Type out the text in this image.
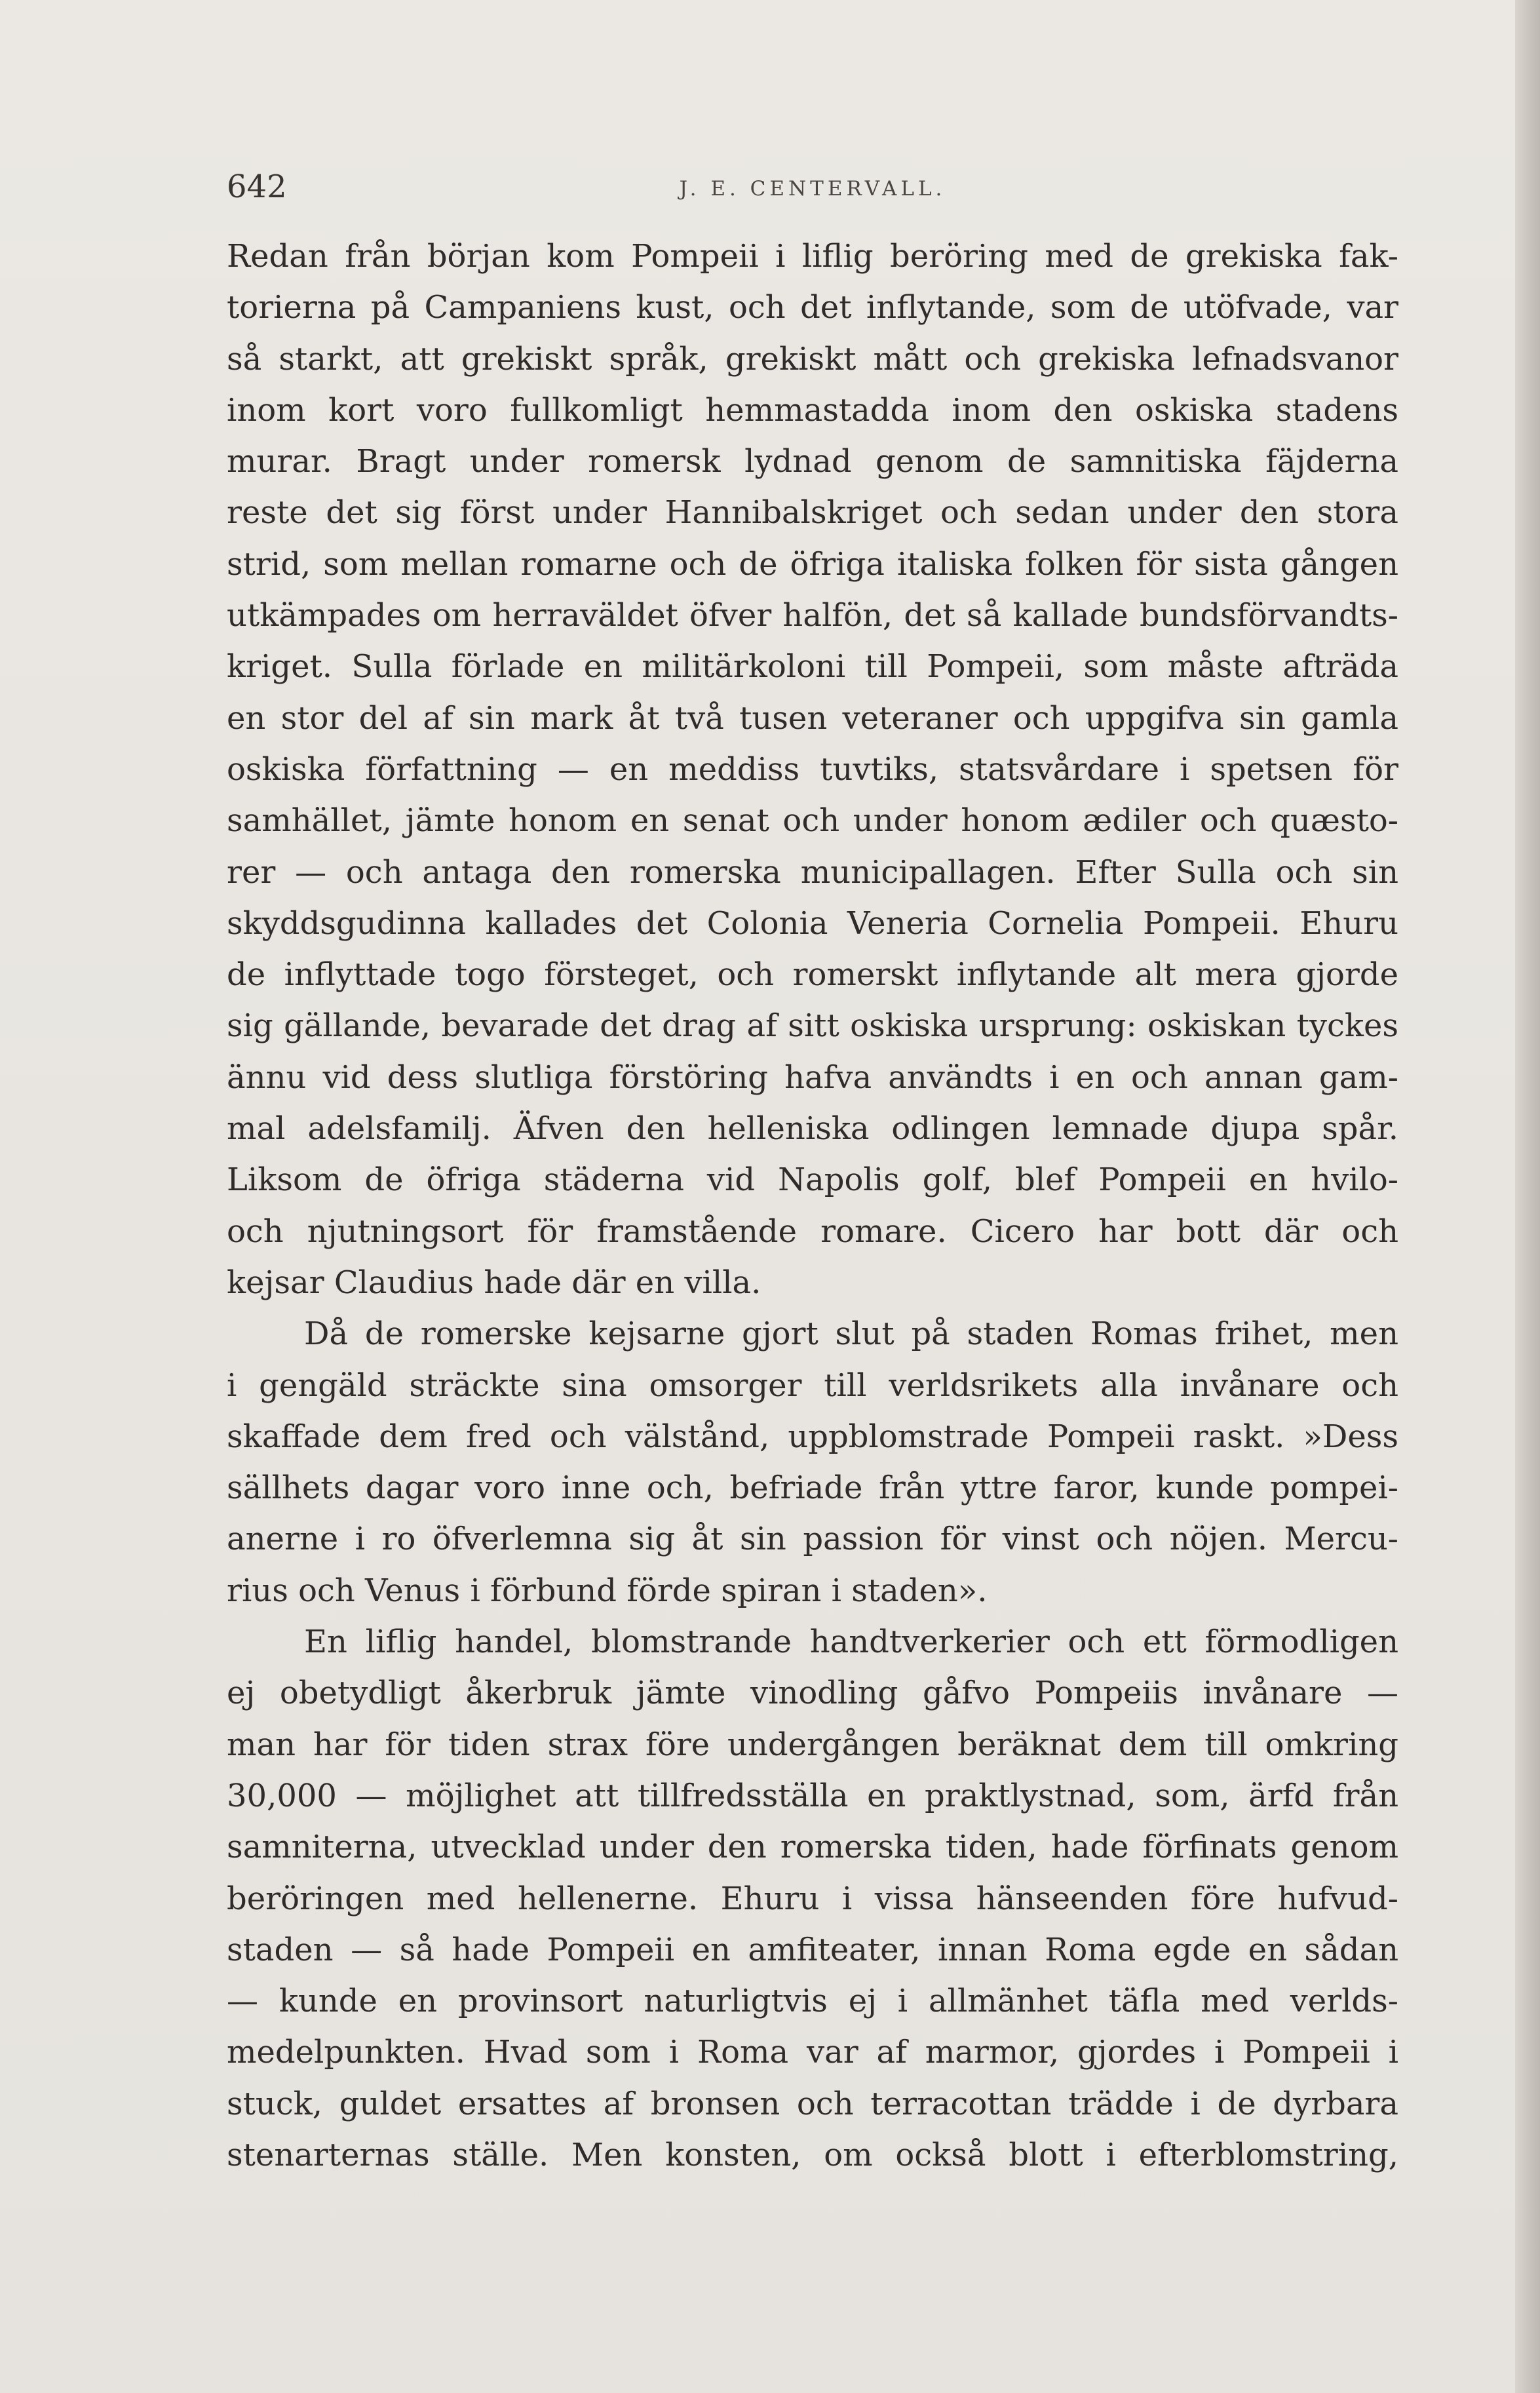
642	J. E. CENTERVALL.
Redan från början kom Pompeii i liflig beröring med de grekiska fak-
torierna på Campaniens kust, och det inflytande, som de utöfvade, var
så starkt, att grekiskt språk, grekiskt mått och grekiska lefnadsvanor
inom kort voro fullkomligt hemmastadda inom den oskiska stadens
murar. Bragt under romersk lydnad genom de samnitiska fäjderna
reste det sig först under Hannibalskriget och sedan under den stora
strid, som mellan romarne och de öfriga italiska folken för sista gången
utkämpades om herraväldet öfver halfön, det så kallade bundsförvandts-
kriget. Sulla förlade en militärkoloni till Pompeii, som måste afträda
en stor del af sin mark åt två tusen veteraner och uppgifva sin gamla
oskiska författning — en meddiss tuvtiks, statsvårdare i spetsen för
samhället, jämte honom en senat och under honom ædiler och quæsto-
rer — och antaga den romerska municipallagen. Efter Sulla och sin
skyddsgudinna kallades det Colonia Veneria Cornelia Pompeii. Ehuru
de inflyttade togo försteget, och romerskt inflytande alt mera gjorde
sig gällande, bevarade det drag af sitt oskiska ursprung: oskiskan tyckes
ännu vid dess slutliga förstöring hafva användts i en och annan gam-
mal adelsfamilj. Äfven den helleniska odlingen lemnade djupa spår.
Liksom de öfriga städerna vid Napolis golf, blef Pompeii en hvilo-
och njutningsort för framstående romare. Cicero har bott där och
kejsar Claudius hade där en villa.
Då de romerske kejsarne gjort slut på staden Romas frihet, men
i gengäld sträckte sina omsorger till verldsrikets alla invånare och
skaffade dem fred och välstånd, uppblomstrade Pompeii raskt. »Dess
sällhets dagar voro inne och, befriade från yttre faror, kunde pompei-
anerne i ro öfverlemna sig åt sin passion för vinst och nöjen. Mercu-
rius och Venus i förbund förde spiran i staden».
En liflig handel, blomstrande handtverkerier och ett förmodligen
ej obetydligt åkerbruk jämte vinodling gåfvo Pompeiis invånare —
man har för tiden strax före undergången beräknat dem till omkring
30,000 — möjlighet att tillfredsställa en praktlystnad, som, ärfd från
samniterna, utvecklad under den romerska tiden, hade förfinats genom
beröringen med hellenerne. Ehuru i vissa hänseenden före hufvud-
staden — så hade Pompeii en amfiteater, innan Roma egde en sådan
— kunde en provinsort naturligtvis ej i allmänhet täfla med verlds-
medelpunkten. Hvad som i Roma var af marmor, gjordes i Pompeii i
stuck, guldet ersattes af bronsen och terracottan trädde i de dyrbara
stenarternas ställe. Men konsten, om också blott i efterblomstring,
